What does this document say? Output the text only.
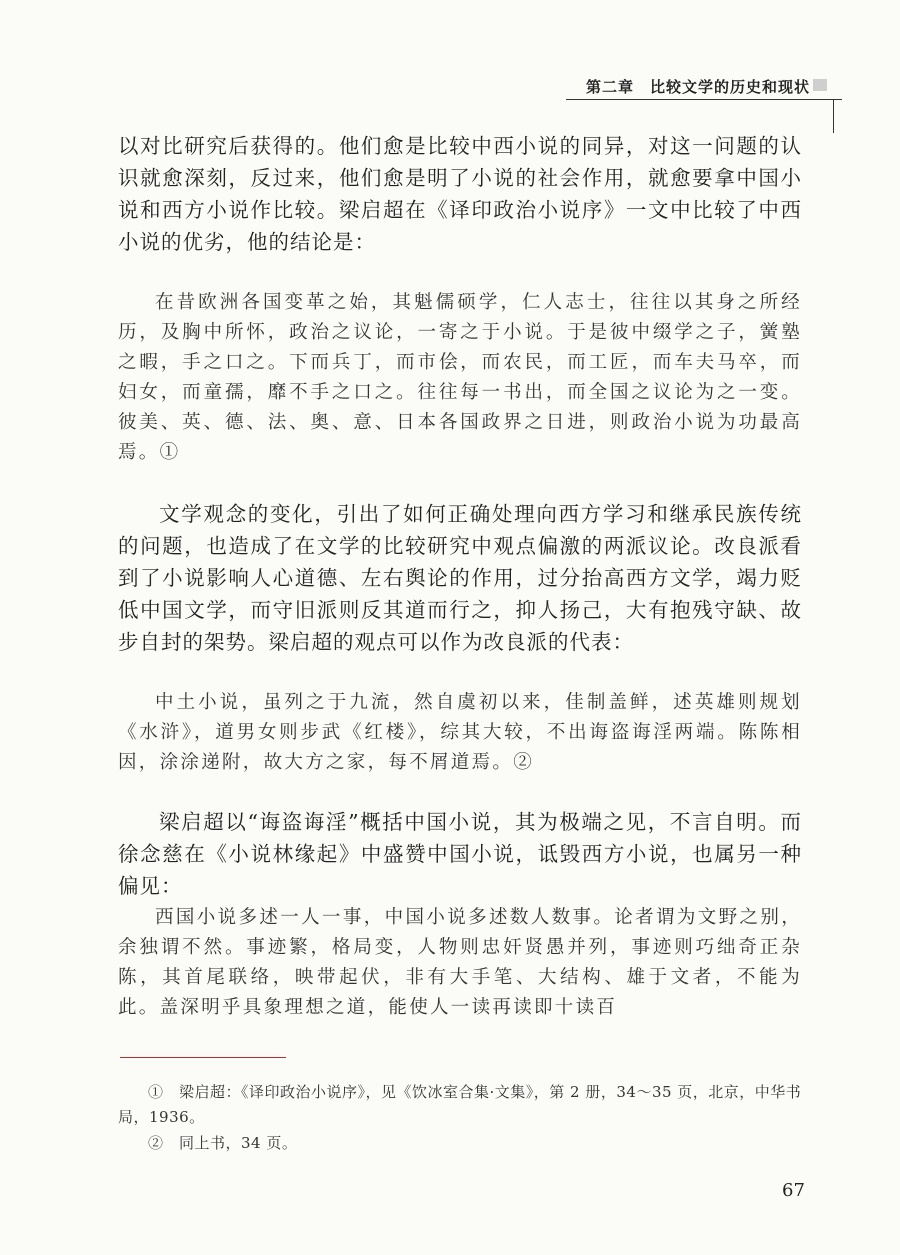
第二章　比较文学的历史和现状
以对比研究后获得的。他们愈是比较中西小说的同异，对这一问题的认识就愈深刻，反过来，他们愈是明了小说的社会作用，就愈要拿中国小说和西方小说作比较。梁启超在《译印政治小说序》一文中比较了中西小说的优劣，他的结论是：
在昔欧洲各国变革之始，其魁儒硕学，仁人志士，往往以其身之所经历，及胸中所怀，政治之议论，一寄之于小说。于是彼中缀学之子，黉塾之暇，手之口之。下而兵丁，而市侩，而农民，而工匠，而车夫马卒，而妇女，而童孺，靡不手之口之。往往每一书出，而全国之议论为之一变。彼美、英、德、法、奥、意、日本各国政界之日进，则政治小说为功最高焉。①
文学观念的变化，引出了如何正确处理向西方学习和继承民族传统的问题，也造成了在文学的比较研究中观点偏激的两派议论。改良派看到了小说影响人心道德、左右舆论的作用，过分抬高西方文学，竭力贬低中国文学，而守旧派则反其道而行之，抑人扬己，大有抱残守缺、故步自封的架势。梁启超的观点可以作为改良派的代表：
中土小说，虽列之于九流，然自虞初以来，佳制盖鲜，述英雄则规划《水浒》，道男女则步武《红楼》，综其大较，不出诲盗诲淫两端。陈陈相因，涂涂递附，故大方之家，每不屑道焉。②
梁启超以“诲盗诲淫”概括中国小说，其为极端之见，不言自明。而徐念慈在《小说林缘起》中盛赞中国小说，诋毁西方小说，也属另一种偏见：
西国小说多述一人一事，中国小说多述数人数事。论者谓为文野之别，余独谓不然。事迹繁，格局变，人物则忠奸贤愚并列，事迹则巧绌奇正杂陈，其首尾联络，映带起伏，非有大手笔、大结构、雄于文者，不能为此。盖深明乎具象理想之道，能使人一读再读即十读百
①　梁启超：《译印政治小说序》，见《饮冰室合集·文集》，第 2 册，34～35 页，北京，中华书局，1936。
②　同上书，34 页。
67
